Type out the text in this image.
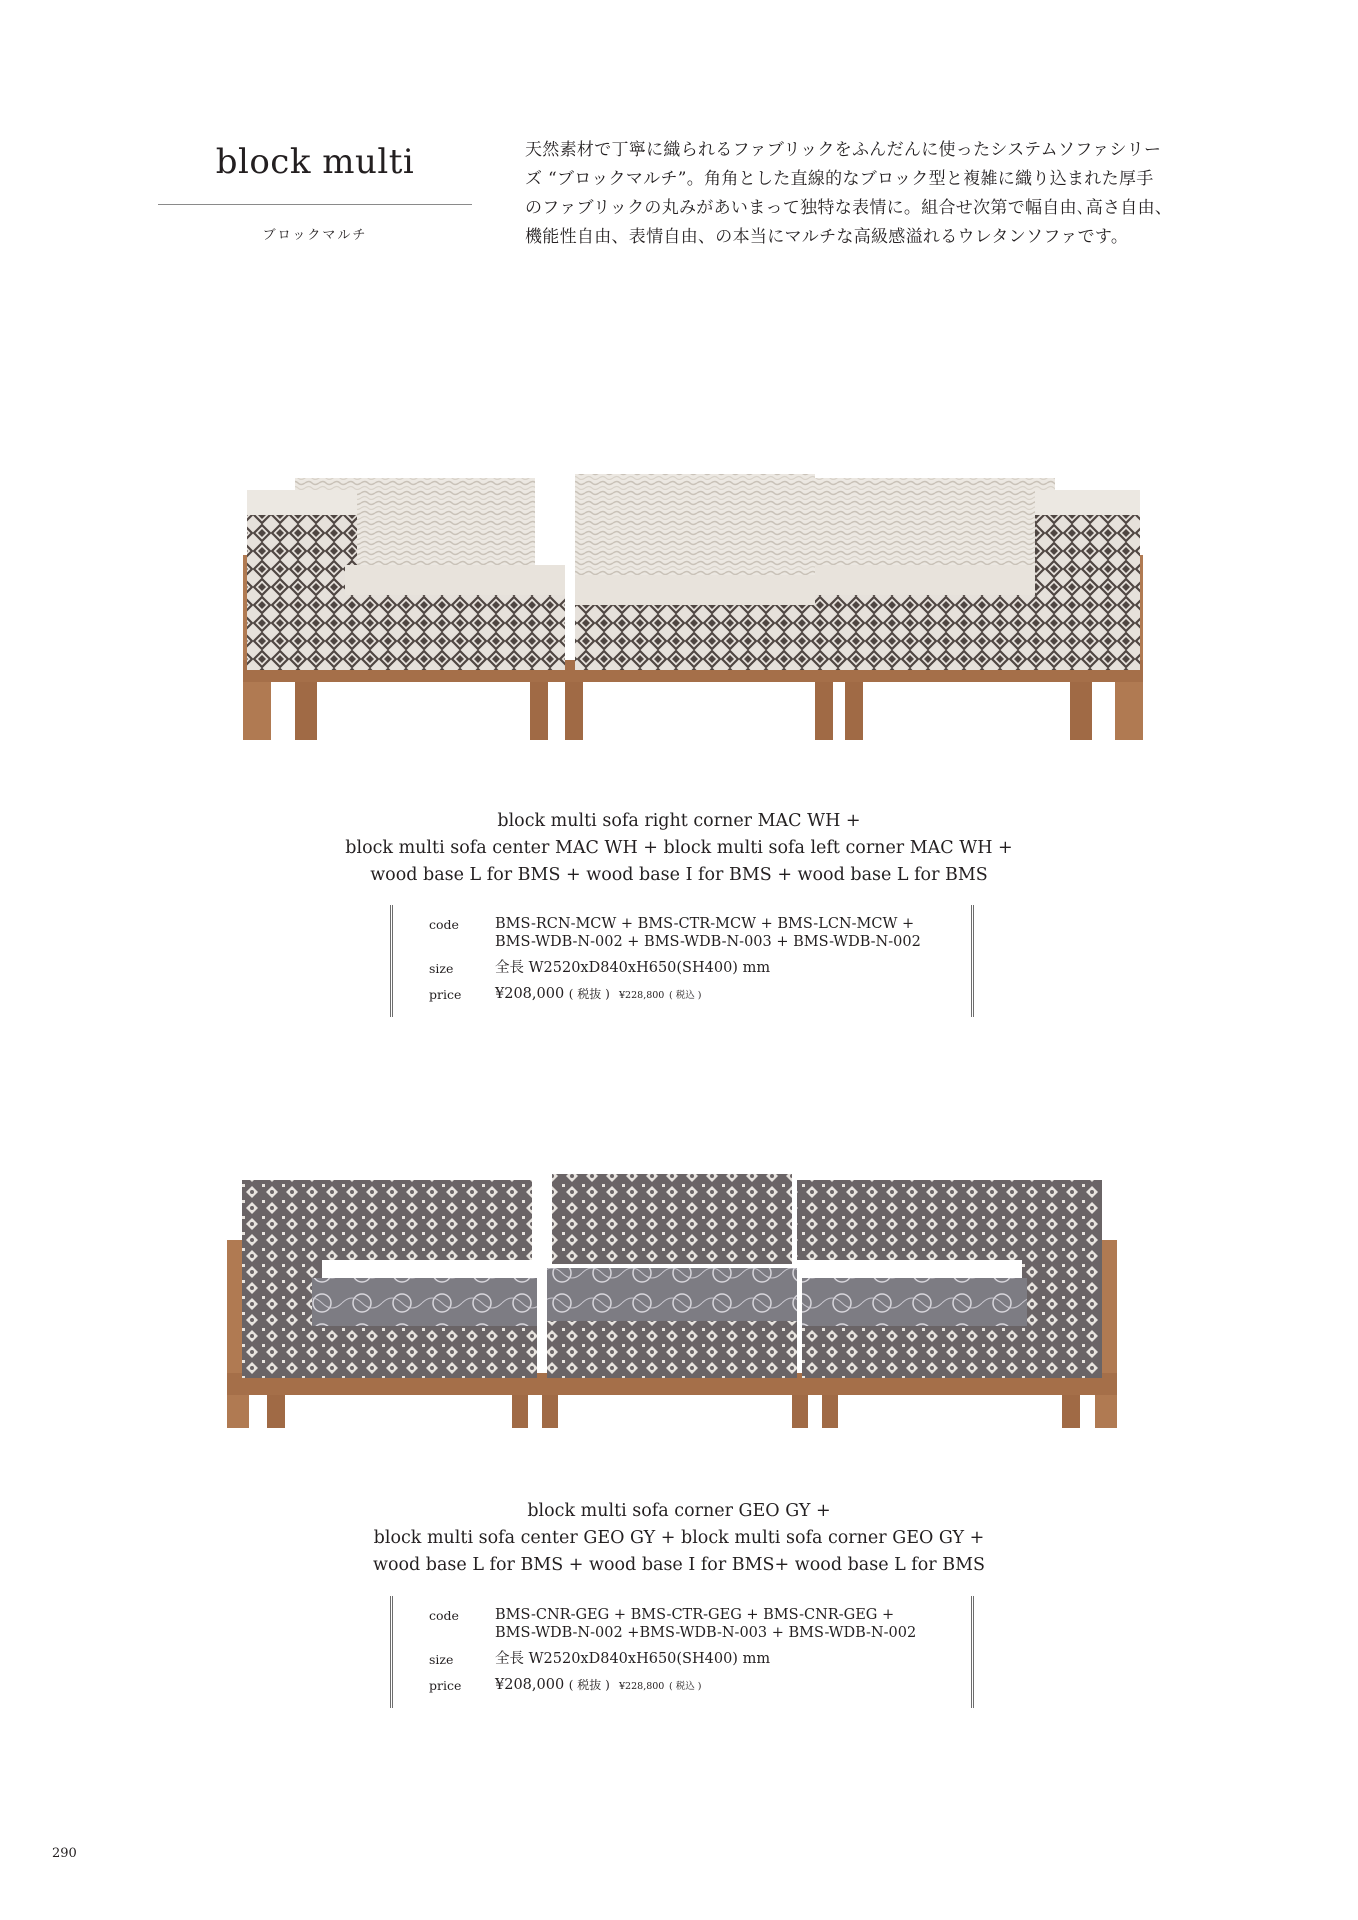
block multi
ブロックマルチ
天然素材で丁寧に織られるファブリックをふんだんに使ったシステムソファシリー
ズ “ブロックマルチ”。角角とした直線的なブロック型と複雑に織り込まれた厚手
のファブリックの丸みがあいまって独特な表情に。組合せ次第で幅自由､高さ自由、
機能性自由、表情自由、の本当にマルチな高級感溢れるウレタンソファです。
block multi sofa right corner MAC WH +
block multi sofa center MAC WH + block multi sofa left corner MAC WH +
wood base L for BMS + wood base I for BMS + wood base L for BMS
code	BMS-RCN-MCW + BMS-CTR-MCW + BMS-LCN-MCW +
BMS-WDB-N-002 + BMS-WDB-N-003 + BMS-WDB-N-002
size	全長 W2520xD840xH650(SH400) mm
price	¥208,000 ( 税抜 ) ¥228,800 ( 税込 )
block multi sofa corner GEO GY +
block multi sofa center GEO GY + block multi sofa corner GEO GY +
wood base L for BMS + wood base I for BMS+ wood base L for BMS
code	BMS-CNR-GEG + BMS-CTR-GEG + BMS-CNR-GEG +
BMS-WDB-N-002 +BMS-WDB-N-003 + BMS-WDB-N-002
size	全長 W2520xD840xH650(SH400) mm
price	¥208,000 ( 税抜 ) ¥228,800 ( 税込 )
290
